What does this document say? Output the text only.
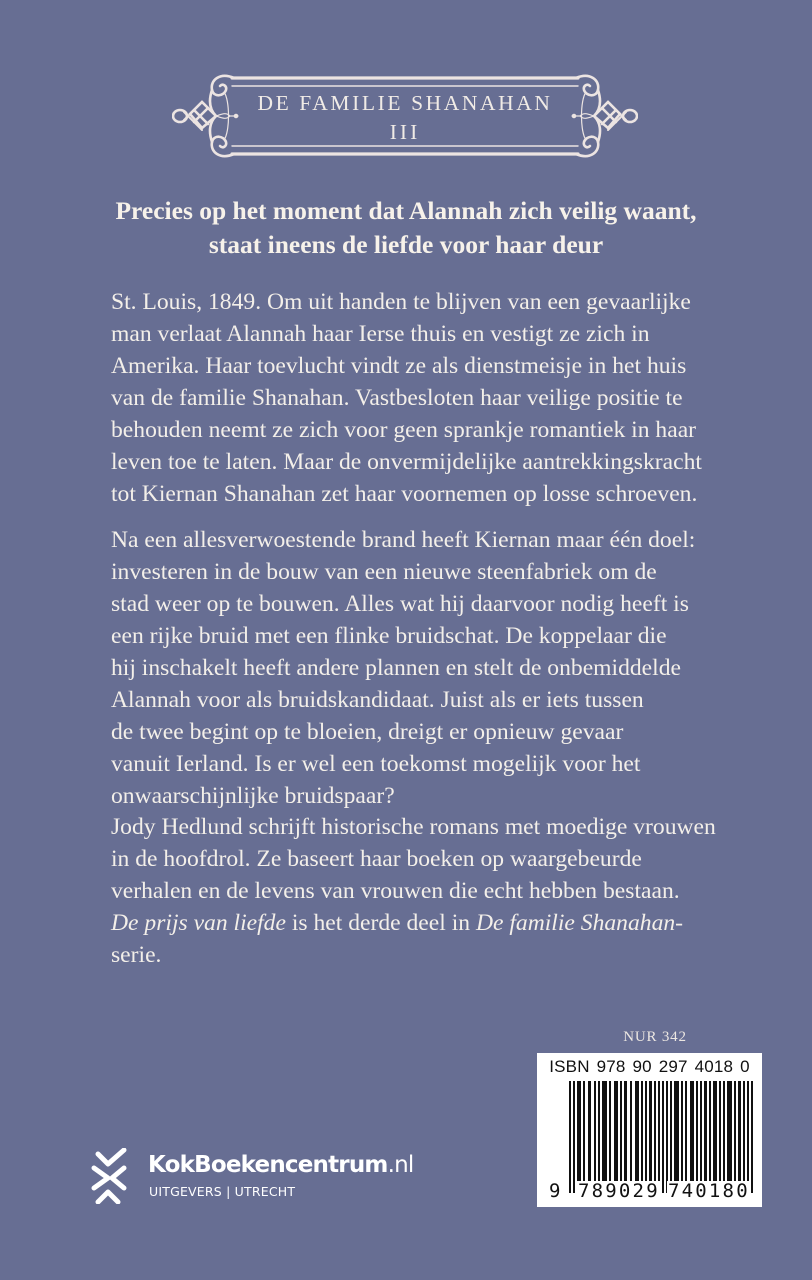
DE FAMILIE SHANAHAN
III
Precies op het moment dat Alannah zich veilig waant,
staat ineens de liefde voor haar deur

St. Louis, 1849. Om uit handen te blijven van een gevaarlijke

man verlaat Alannah haar Ierse thuis en vestigt ze zich in

Amerika. Haar toevlucht vindt ze als dienstmeisje in het huis

van de familie Shanahan. Vastbesloten haar veilige positie te

behouden neemt ze zich voor geen sprankje romantiek in haar

leven toe te laten. Maar de onvermijdelijke aantrekkingskracht

tot Kiernan Shanahan zet haar voornemen op losse schroeven.

Na een allesverwoestende brand heeft Kiernan maar één doel:

investeren in de bouw van een nieuwe steenfabriek om de

stad weer op te bouwen. Alles wat hij daarvoor nodig heeft is

een rijke bruid met een flinke bruidschat. De koppelaar die

hij inschakelt heeft andere plannen en stelt de onbemiddelde

Alannah voor als bruidskandidaat. Juist als er iets tussen

de twee begint op te bloeien, dreigt er opnieuw gevaar

vanuit Ierland. Is er wel een toekomst mogelijk voor het

onwaarschijnlijke bruidspaar?

Jody Hedlund schrijft historische romans met moedige vrouwen

in de hoofdrol. Ze baseert haar boeken op waargebeurde

verhalen en de levens van vrouwen die echt hebben bestaan.

De prijs van liefde is het derde deel in De familie Shanahan-

serie.

NUR 342
ISBN 978 90 297 4018 0
9 789029 740180
KokBoekencentrum.nl
UITGEVERS | UTRECHT
